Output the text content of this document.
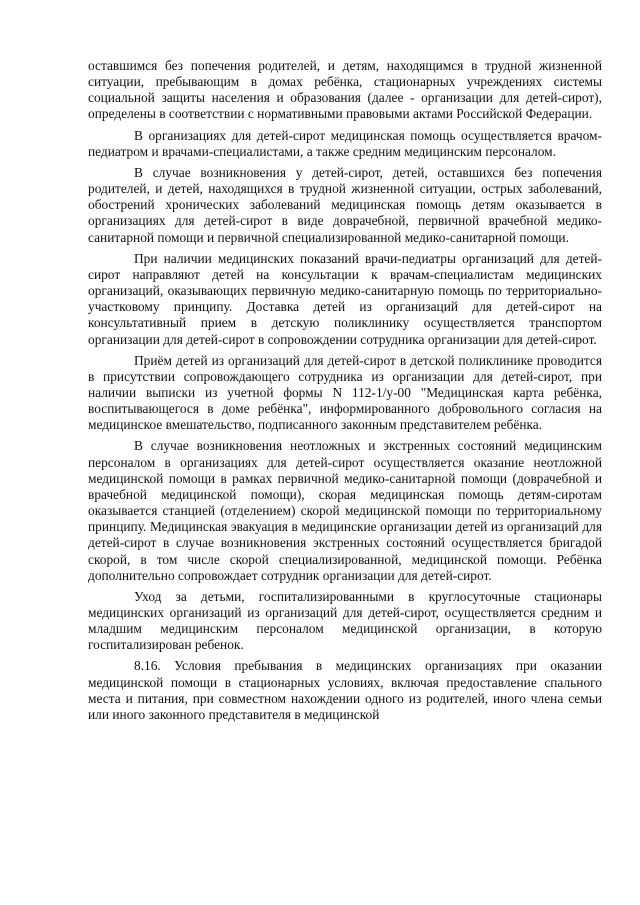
оставшимся без попечения родителей, и детям, находящимся в трудной жизненной ситуации, пребывающим в домах ребёнка, стационарных учреждениях системы социальной защиты населения и образования (далее - организации для детей-сирот), определены в соответствии с нормативными правовыми актами Российской Федерации.

В организациях для детей-сирот медицинская помощь осуществляется врачом-педиатром и врачами-специалистами, а также средним медицинским персоналом.

В случае возникновения у детей-сирот, детей, оставшихся без попечения родителей, и детей, находящихся в трудной жизненной ситуации, острых заболеваний, обострений хронических заболеваний медицинская помощь детям оказывается в организациях для детей-сирот в виде доврачебной, первичной врачебной медико-санитарной помощи и первичной специализированной медико-санитарной помощи.

При наличии медицинских показаний врачи-педиатры организаций для детей-сирот направляют детей на консультации к врачам-специалистам медицинских организаций, оказывающих первичную медико-санитарную помощь по территориально-участковому принципу. Доставка детей из организаций для детей-сирот на консультативный прием в детскую поликлинику осуществляется транспортом организации для детей-сирот в сопровождении сотрудника организации для детей-сирот.

Приём детей из организаций для детей-сирот в детской поликлинике проводится в присутствии сопровождающего сотрудника из организации для детей-сирот, при наличии выписки из учетной формы N 112-1/у-00 "Медицинская карта ребёнка, воспитывающегося в доме ребёнка", информированного добровольного согласия на медицинское вмешательство, подписанного законным представителем ребёнка.

В случае возникновения неотложных и экстренных состояний медицинским персоналом в организациях для детей-сирот осуществляется оказание неотложной медицинской помощи в рамках первичной медико-санитарной помощи (доврачебной и врачебной медицинской помощи), скорая медицинская помощь детям-сиротам оказывается станцией (отделением) скорой медицинской помощи по территориальному принципу. Медицинская эвакуация в медицинские организации детей из организаций для детей-сирот в случае возникновения экстренных состояний осуществляется бригадой скорой, в том числе скорой специализированной, медицинской помощи. Ребёнка дополнительно сопровождает сотрудник организации для детей-сирот.

Уход за детьми, госпитализированными в круглосуточные стационары медицинских организаций из организаций для детей-сирот, осуществляется средним и младшим медицинским персоналом медицинской организации, в которую госпитализирован ребенок.

8.16. Условия пребывания в медицинских организациях при оказании медицинской помощи в стационарных условиях, включая предоставление спального места и питания, при совместном нахождении одного из родителей, иного члена семьи или иного законного представителя в медицинской
